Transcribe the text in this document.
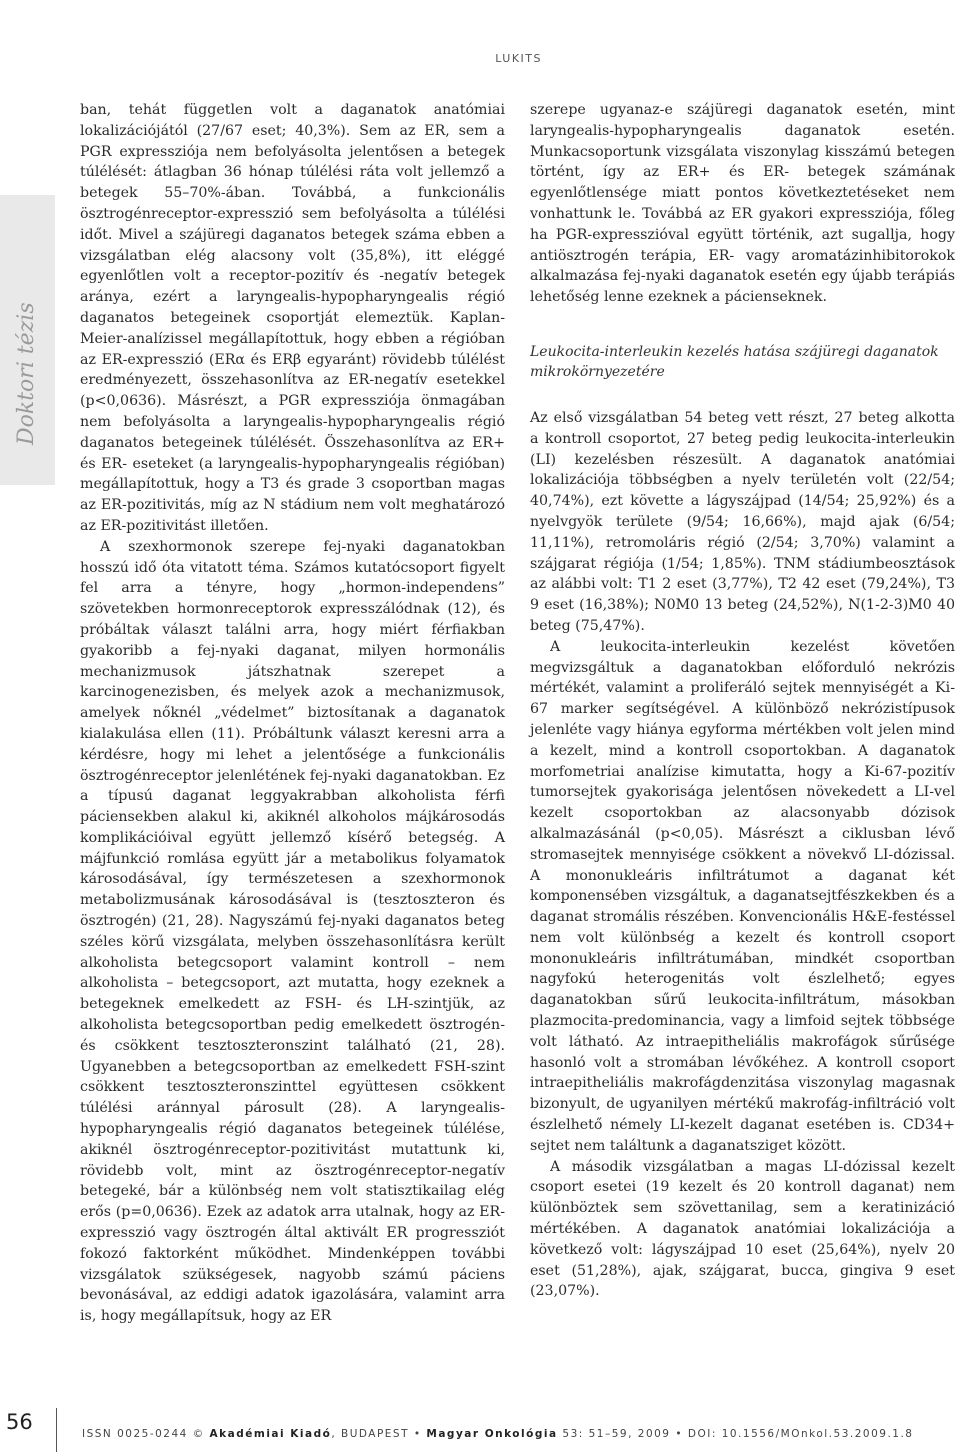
LUKITS
Doktori tézis

ban, tehát független volt a daganatok anatómiai lokalizációjától (27/67 eset; 40,3%). Sem az ER, sem a PGR expressziója nem befolyásolta jelentősen a betegek túlélését: átlagban 36 hónap túlélési ráta volt jellemző a betegek 55–70%-ában. Továbbá, a funkcionális ösztrogénreceptor-expresszió sem befolyásolta a túlélési időt. Mivel a szájüregi daganatos betegek száma ebben a vizsgálatban elég alacsony volt (35,8%), itt eléggé egyenlőtlen volt a receptor-pozitív és -negatív betegek aránya, ezért a laryngealis-hypopharyngealis régió daganatos betegeinek csoportját elemeztük. Kaplan-Meier-analízissel megállapítottuk, hogy ebben a régióban az ER-expresszió (ERα és ERβ egyaránt) rövidebb túlélést eredményezett, összehasonlítva az ER-negatív esetekkel (p<0,0636). Másrészt, a PGR expressziója önmagában nem befolyásolta a laryngealis-hypopharyngealis régió daganatos betegeinek túlélését. Összehasonlítva az ER+ és ER- eseteket (a laryngealis-hypopharyngealis régióban) megállapítottuk, hogy a T3 és grade 3 csoportban magas az ER-pozitivitás, míg az N stádium nem volt meghatározó az ER-pozitivitást illetően.

A szexhormonok szerepe fej-nyaki daganatokban hosszú idő óta vitatott téma. Számos kutatócsoport figyelt fel arra a tényre, hogy „hormon-independens” szövetekben hormonreceptorok expresszálódnak (12), és próbáltak választ találni arra, hogy miért férfiakban gyakoribb a fej-nyaki daganat, milyen hormonális mechanizmusok játszhatnak szerepet a karcinogenezisben, és melyek azok a mechanizmusok, amelyek nőknél „védelmet” biztosítanak a daganatok kialakulása ellen (11). Próbáltunk választ keresni arra a kérdésre, hogy mi lehet a jelentősége a funkcionális ösztrogénreceptor jelenlétének fej-nyaki daganatokban. Ez a típusú daganat leggyakrabban alkoholista férfi páciensekben alakul ki, akiknél alkoholos májkárosodás komplikációival együtt jellemző kísérő betegség. A májfunkció romlása együtt jár a metabolikus folyamatok károsodásával, így természetesen a szexhormonok metabolizmusának károsodásával is (tesztoszteron és ösztrogén) (21, 28). Nagyszámú fej-nyaki daganatos beteg széles körű vizsgálata, melyben összehasonlításra került alkoholista betegcsoport valamint kontroll – nem alkoholista – betegcsoport, azt mutatta, hogy ezeknek a betegeknek emelkedett az FSH- és LH-szintjük, az alkoholista betegcsoportban pedig emelkedett ösztrogén- és csökkent tesztoszteronszint található (21, 28). Ugyanebben a betegcsoportban az emelkedett FSH-szint csökkent tesztoszteronszinttel együttesen csökkent túlélési aránnyal párosult (28). A laryngealis-hypopharyngealis régió daganatos betegeinek túlélése, akiknél ösztrogénreceptor-pozitivitást mutattunk ki, rövidebb volt, mint az ösztrogénreceptor-negatív betegeké, bár a különbség nem volt statisztikailag elég erős (p=0,0636). Ezek az adatok arra utalnak, hogy az ER-expresszió vagy ösztrogén által aktivált ER progressziót fokozó faktorként működhet. Mindenképpen további vizsgálatok szükségesek, nagyobb számú páciens bevonásával, az eddigi adatok igazolására, valamint arra is, hogy megállapítsuk, hogy az ER

szerepe ugyanaz-e szájüregi daganatok esetén, mint laryngealis-hypopharyngealis daganatok esetén. Munkacsoportunk vizsgálata viszonylag kisszámú betegen történt, így az ER+ és ER- betegek számának egyenlőtlensége miatt pontos következtetéseket nem vonhattunk le. Továbbá az ER gyakori expressziója, főleg ha PGR-expresszióval együtt történik, azt sugallja, hogy antiösztrogén terápia, ER- vagy aromatázinhibitorokok alkalmazása fej-nyaki daganatok esetén egy újabb terápiás lehetőség lenne ezeknek a pácienseknek.

Leukocita-interleukin kezelés hatása szájüregi daganatok mikrokörnyezetére

Az első vizsgálatban 54 beteg vett részt, 27 beteg alkotta a kontroll csoportot, 27 beteg pedig leukocita-interleukin (LI) kezelésben részesült. A daganatok anatómiai lokalizációja többségben a nyelv területén volt (22/54; 40,74%), ezt követte a lágyszájpad (14/54; 25,92%) és a nyelvgyök területe (9/54; 16,66%), majd ajak (6/54; 11,11%), retromoláris régió (2/54; 3,70%) valamint a szájgarat régiója (1/54; 1,85%). TNM stádiumbeosztások az alábbi volt: T1 2 eset (3,77%), T2 42 eset (79,24%), T3 9 eset (16,38%); N0M0 13 beteg (24,52%), N(1-2-3)M0 40 beteg (75,47%).

A leukocita-interleukin kezelést követően megvizsgáltuk a daganatokban előforduló nekrózis mértékét, valamint a proliferáló sejtek mennyiségét a Ki-67 marker segítségével. A különböző nekrózistípusok jelenléte vagy hiánya egyforma mértékben volt jelen mind a kezelt, mind a kontroll csoportokban. A daganatok morfometriai analízise kimutatta, hogy a Ki-67-pozitív tumorsejtek gyakorisága jelentősen növekedett a LI-vel kezelt csoportokban az alacsonyabb dózisok alkalmazásánál (p<0,05). Másrészt a ciklusban lévő stromasejtek mennyisége csökkent a növekvő LI-dózissal. A mononukleáris infiltrátumot a daganat két komponensében vizsgáltuk, a daganatsejtfészkekben és a daganat stromális részében. Konvencionális H&E-festéssel nem volt különbség a kezelt és kontroll csoport mononukleáris infiltrátumában, mindkét csoportban nagyfokú heterogenitás volt észlelhető; egyes daganatokban sűrű leukocita-infiltrátum, másokban plazmocita-predominancia, vagy a limfoid sejtek többsége volt látható. Az intraepitheliális makrofágok sűrűsége hasonló volt a stromában lévőkéhez. A kontroll csoport intraepitheliális makrofágdenzitása viszonylag magasnak bizonyult, de ugyanilyen mértékű makrofág-infiltráció volt észlelhető némely LI-kezelt daganat esetében is. CD34+ sejtet nem találtunk a daganatsziget között.

A második vizsgálatban a magas LI-dózissal kezelt csoport esetei (19 kezelt és 20 kontroll daganat) nem különböztek sem szövettanilag, sem a keratinizáció mértékében. A daganatok anatómiai lokalizációja a következő volt: lágyszájpad 10 eset (25,64%), nyelv 20 eset (51,28%), ajak, szájgarat, bucca, gingiva 9 eset (23,07%).

56	ISSN 0025-0244 © Akadémiai Kiadó, BUDAPEST • Magyar Onkológia 53: 51–59, 2009 • DOI: 10.1556/MOnkol.53.2009.1.8
